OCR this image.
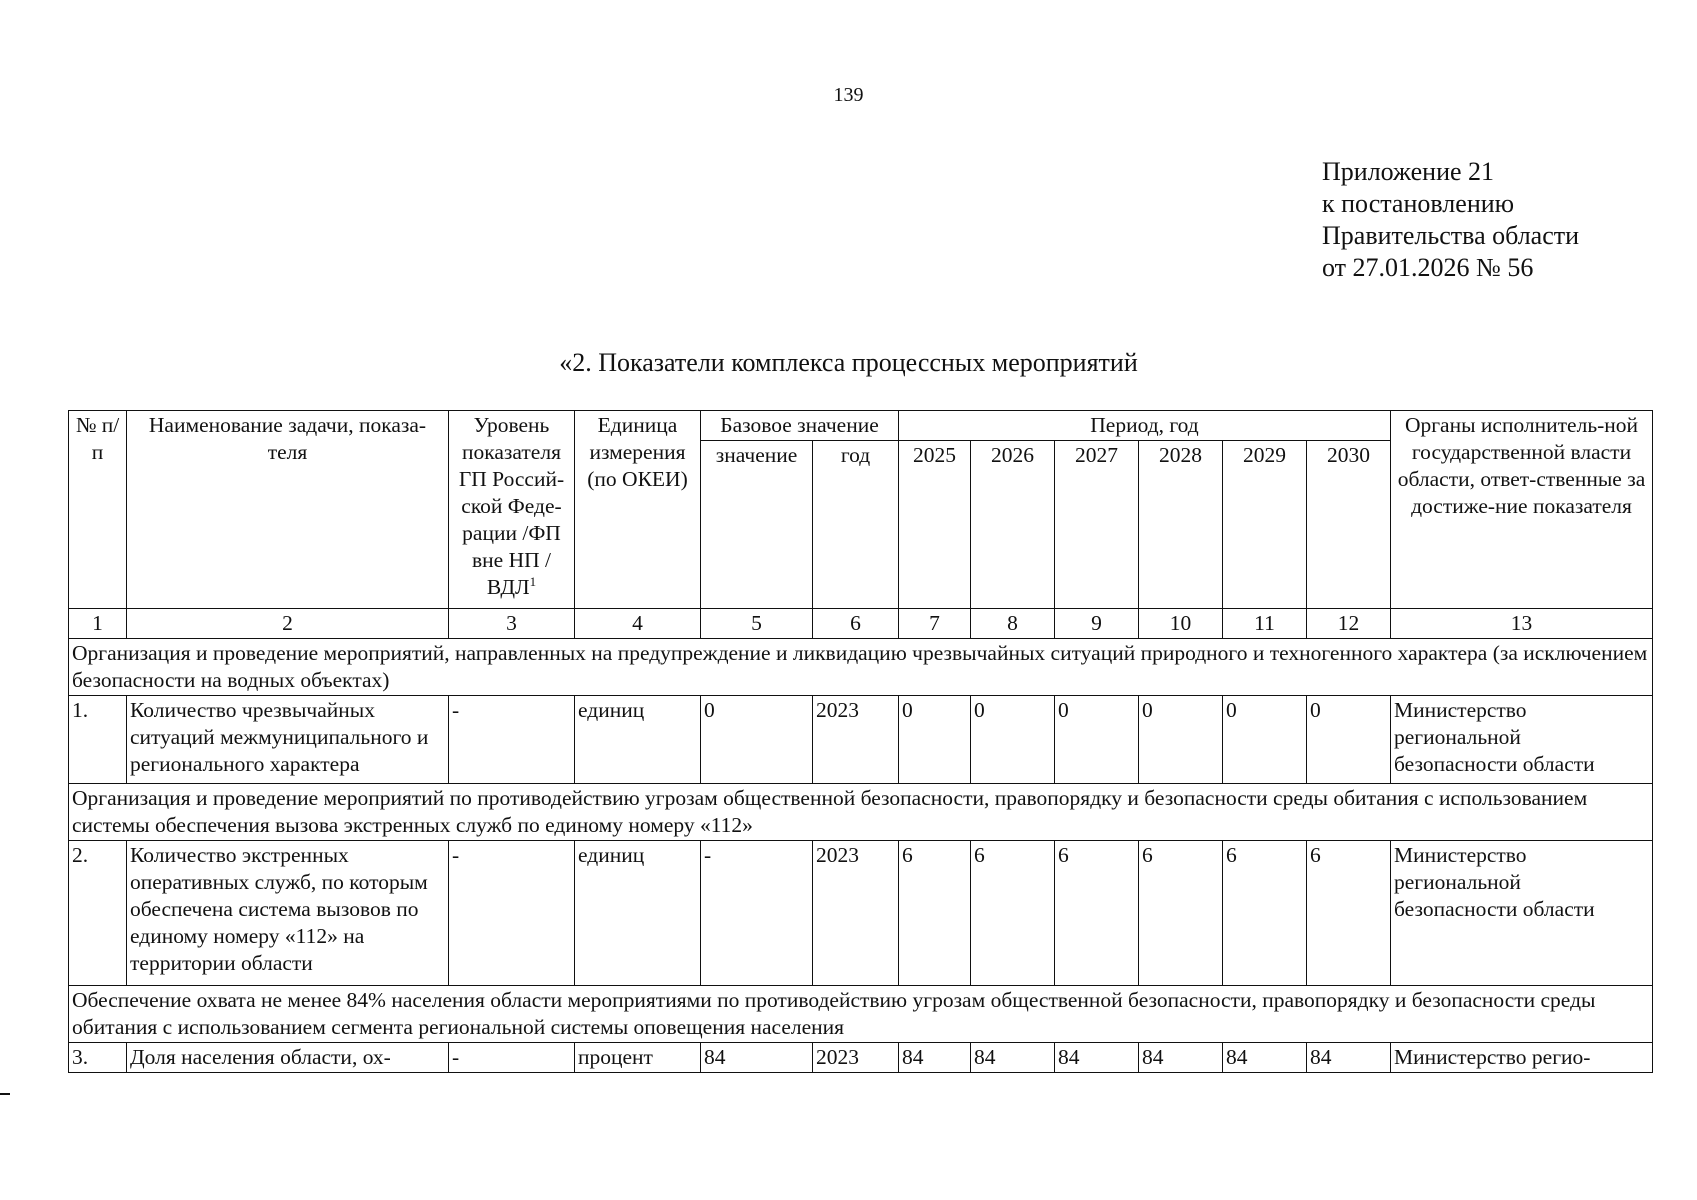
139
Приложение 21
к постановлению
Правительства области
от 27.01.2026 № 56
«2. Показатели комплекса процессных мероприятий
№ п/п	Наименование задачи, показа-теля	Уровень показателя ГП Россий-ской Феде-рации /ФП вне НП / ВДЛ$^1$	Единица измерения (по ОКЕИ)	Базовое значение		Период, год						Органы исполнитель-ной государственной власти области, ответ-ственные за достиже-ние показателя
				значение	год	2025	2026	2027	2028	2029	2030	
1	2	3	4	5	6	7	8	9	10	11	12	13
Организация и проведение мероприятий, направленных на предупреждение и ликвидацию чрезвычайных ситуаций природного и техногенного характера (за исключением безопасности на водных объектах)												
1.	Количество чрезвычайных ситуаций межмуниципального и регионального характера	-	единиц	0	2023	0	0	0	0	0	0	Министерство региональной безопасности области
Организация и проведение мероприятий по противодействию угрозам общественной безопасности, правопорядку и безопасности среды обитания с использованием системы обеспечения вызова экстренных служб по единому номеру «112»												
2.	Количество экстренных оперативных служб, по которым обеспечена система вызовов по единому номеру «112» на территории области	-	единиц	-	2023	6	6	6	6	6	6	Министерство региональной безопасности области
Обеспечение охвата не менее 84% населения области мероприятиями по противодействию угрозам общественной безопасности, правопорядку и безопасности среды обитания с использованием сегмента региональной системы оповещения населения												
3.	Доля населения области, ох-	-	процент	84	2023	84	84	84	84	84	84	Министерство регио-
